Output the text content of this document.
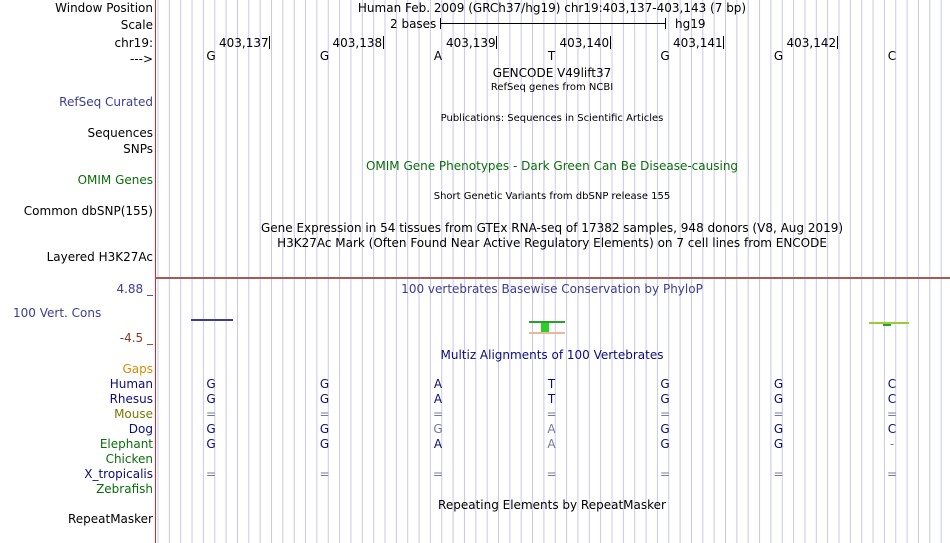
Window Position	Human Feb. 2009 (GRCh37/hg19) chr19:403,137-403,143 (7 bp)
Scale	2 bases	hg19
chr19:	403,137	403,138	403,139	403,140	403,141	403,142
--->	G	G	A	T	G	G	C
GENCODE V49lift37
RefSeq genes from NCBI
RefSeq Curated
Publications: Sequences in Scientific Articles
Sequences
SNPs
OMIM Gene Phenotypes - Dark Green Can Be Disease-causing
OMIM Genes
Short Genetic Variants from dbSNP release 155
Common dbSNP(155)
Gene Expression in 54 tissues from GTEx RNA-seq of 17382 samples, 948 donors (V8, Aug 2019)
H3K27Ac Mark (Often Found Near Active Regulatory Elements) on 7 cell lines from ENCODE
Layered H3K27Ac
100 vertebrates Basewise Conservation by PhyloP
4.88 _
100 Vert. Cons
-4.5 _
Multiz Alignments of 100 Vertebrates
Gaps
Human	G	G	A	T	G	G	C
Rhesus	G	G	A	T	G	G	C
Mouse	=	=	=	=	=	=	=
Dog	G	G	G	A	G	G	C
Elephant	G	G	A	A	G	G	-
Chicken
X_tropicalis	=	=	=	=	=	=	=
Zebrafish
Repeating Elements by RepeatMasker
RepeatMasker
